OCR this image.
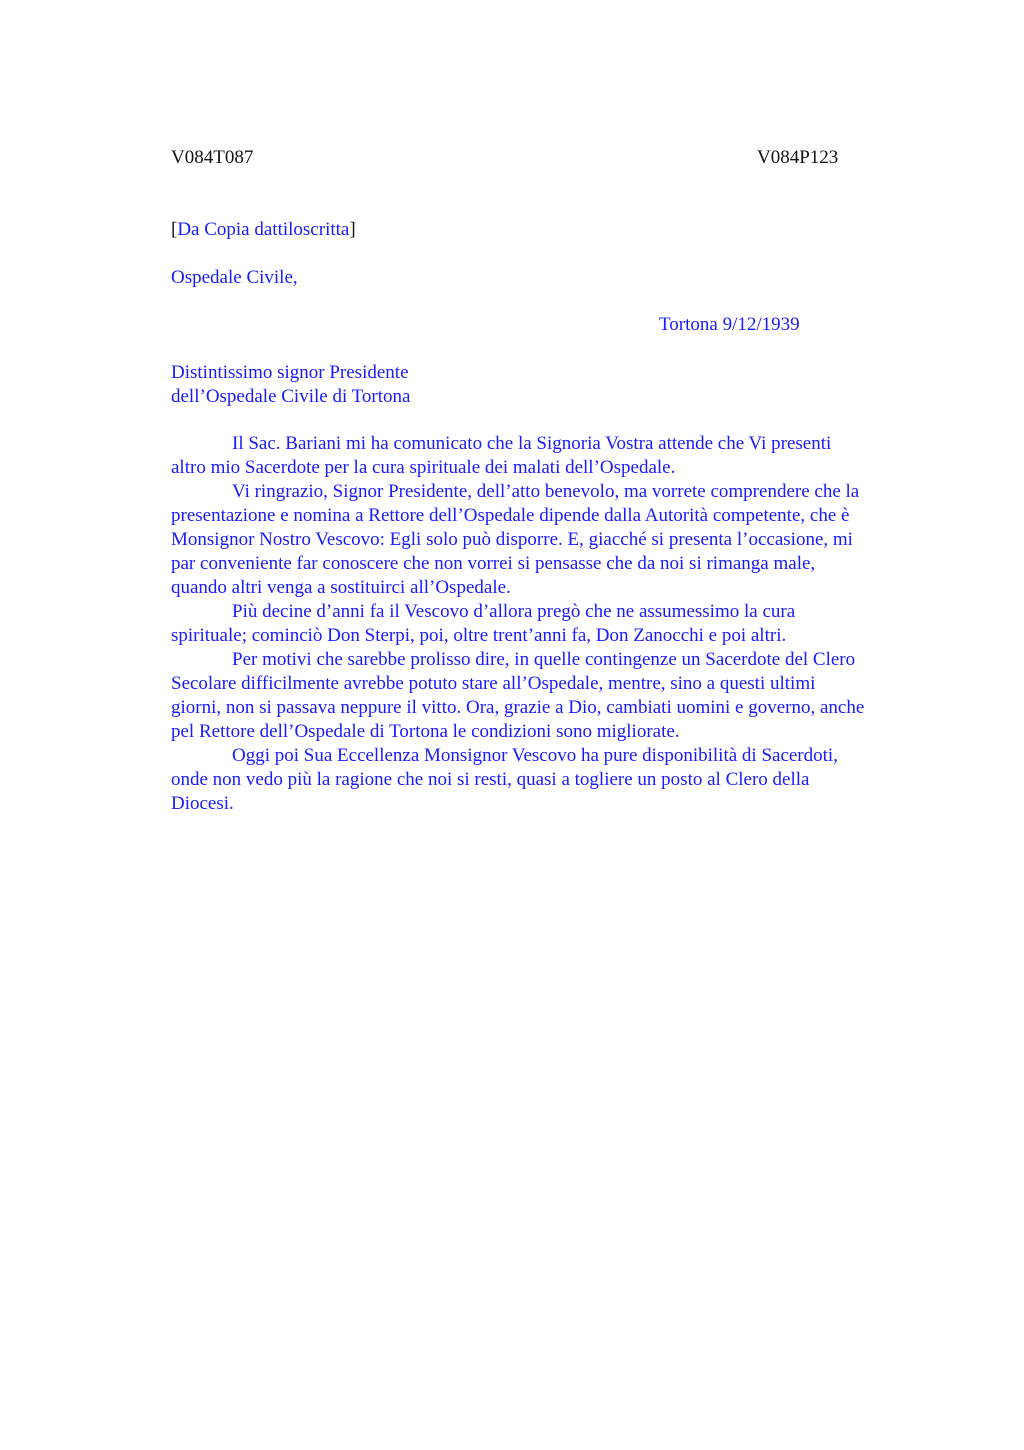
V084T087	V084P123
[Da Copia dattiloscritta]
Ospedale Civile,
Tortona 9/12/1939
Distintissimo signor Presidente
dell’Ospedale Civile di Tortona

Il Sac. Bariani mi ha comunicato che la Signoria Vostra attende che Vi presenti
altro mio Sacerdote per la cura spirituale dei malati dell’Ospedale.

Vi ringrazio, Signor Presidente, dell’atto benevolo, ma vorrete comprendere che la
presentazione e nomina a Rettore dell’Ospedale dipende dalla Autorità competente, che è
Monsignor Nostro Vescovo: Egli solo può disporre. E, giacché si presenta l’occasione, mi
par conveniente far conoscere che non vorrei si pensasse che da noi si rimanga male,
quando altri venga a sostituirci all’Ospedale.

Più decine d’anni fa il Vescovo d’allora pregò che ne assumessimo la cura
spirituale; cominciò Don Sterpi, poi, oltre trent’anni fa, Don Zanocchi e poi altri.

Per motivi che sarebbe prolisso dire, in quelle contingenze un Sacerdote del Clero
Secolare difficilmente avrebbe potuto stare all’Ospedale, mentre, sino a questi ultimi
giorni, non si passava neppure il vitto. Ora, grazie a Dio, cambiati uomini e governo, anche
pel Rettore dell’Ospedale di Tortona le condizioni sono migliorate.

Oggi poi Sua Eccellenza Monsignor Vescovo ha pure disponibilità di Sacerdoti,
onde non vedo più la ragione che noi si resti, quasi a togliere un posto al Clero della
Diocesi.
